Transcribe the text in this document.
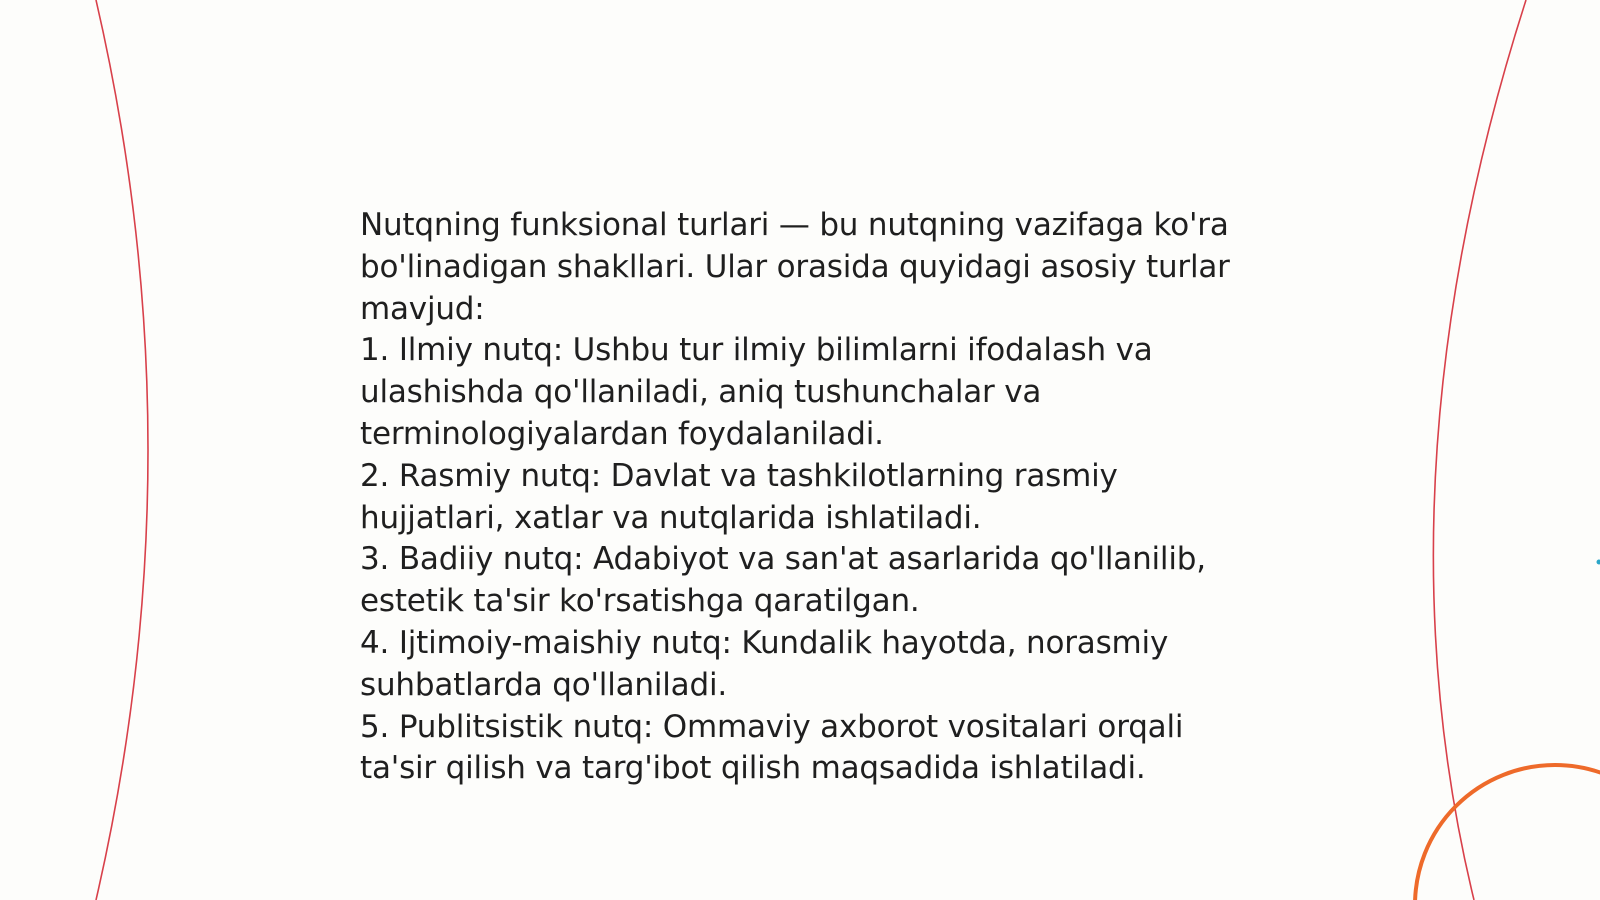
Nutqning funksional turlari — bu nutqning vazifaga ko'ra bo'linadigan shakllari. Ular orasida quyidagi asosiy turlar mavjud:

1. Ilmiy nutq: Ushbu tur ilmiy bilimlarni ifodalash va ulashishda qo'llaniladi, aniq tushunchalar va terminologiyalardan foydalaniladi.

2. Rasmiy nutq: Davlat va tashkilotlarning rasmiy hujjatlari, xatlar va nutqlarida ishlatiladi.

3. Badiiy nutq: Adabiyot va san'at asarlarida qo'llanilib, estetik ta'sir ko'rsatishga qaratilgan.

4. Ijtimoiy-maishiy nutq: Kundalik hayotda, norasmiy suhbatlarda qo'llaniladi.

5. Publitsistik nutq: Ommaviy axborot vositalari orqali ta'sir qilish va targ'ibot qilish maqsadida ishlatiladi.
